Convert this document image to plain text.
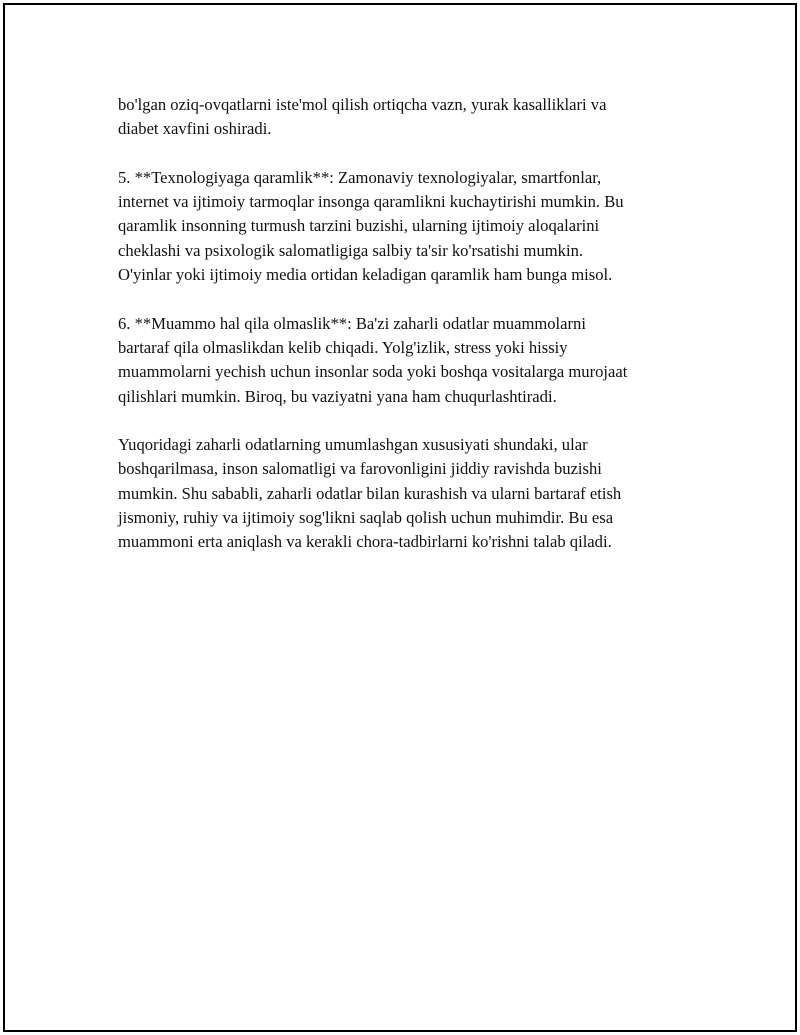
bo'lgan oziq-ovqatlarni iste'mol qilish ortiqcha vazn, yurak kasalliklari va
diabet xavfini oshiradi.

5. **Texnologiyaga qaramlik**: Zamonaviy texnologiyalar, smartfonlar,
internet va ijtimoiy tarmoqlar insonga qaramlikni kuchaytirishi mumkin. Bu
qaramlik insonning turmush tarzini buzishi, ularning ijtimoiy aloqalarini
cheklashi va psixologik salomatligiga salbiy ta'sir ko'rsatishi mumkin.
O'yinlar yoki ijtimoiy media ortidan keladigan qaramlik ham bunga misol.

6. **Muammo hal qila olmaslik**: Ba'zi zaharli odatlar muammolarni
bartaraf qila olmaslikdan kelib chiqadi. Yolg'izlik, stress yoki hissiy
muammolarni yechish uchun insonlar soda yoki boshqa vositalarga murojaat
qilishlari mumkin. Biroq, bu vaziyatni yana ham chuqurlashtiradi.

Yuqoridagi zaharli odatlarning umumlashgan xususiyati shundaki, ular
boshqarilmasa, inson salomatligi va farovonligini jiddiy ravishda buzishi
mumkin. Shu sababli, zaharli odatlar bilan kurashish va ularni bartaraf etish
jismoniy, ruhiy va ijtimoiy sog'likni saqlab qolish uchun muhimdir. Bu esa
muammoni erta aniqlash va kerakli chora-tadbirlarni ko'rishni talab qiladi.
